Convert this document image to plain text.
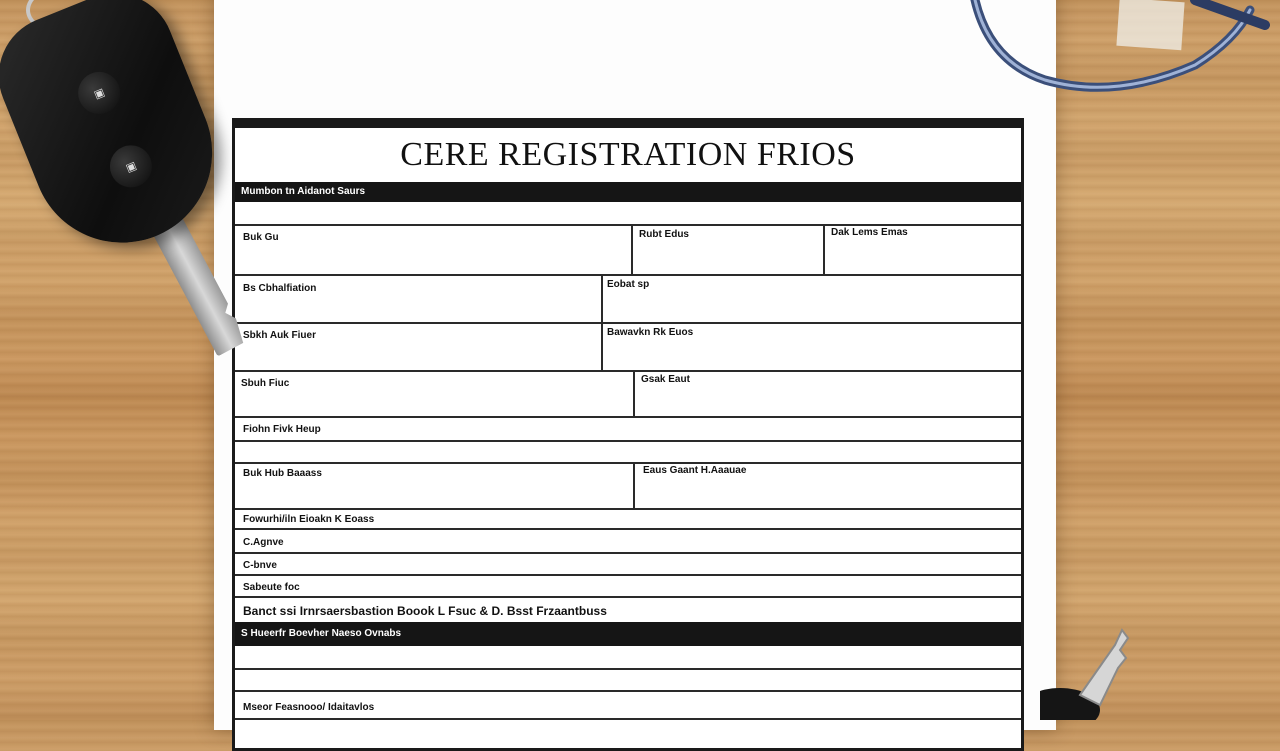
CERE REGISTRATION FRIOS
Mumbon tn Aidanot Saurs
Buk Gu	Rubt Edus	Dak Lems Emas
Bs Cbhalfiation	Eobat sp
Sbkh Auk Fiuer	Bawavkn Rk Euos
Sbuh Fiuc	Gsak Eaut
Fiohn Fivk Heup
Buk Hub Baaass	Eaus Gaant H.Aaauae
Fowurhi/iln Eioakn K Eoass
C.Agnve
C-bnve
Sabeute foc
Banct ssi Irnrsaersbastion Boook L Fsuc & D. Bsst Frzaantbuss
S Hueerfr Boevher Naeso Ovnabs
Mseor Feasnooo/ Idaitavlos
▣
▣
